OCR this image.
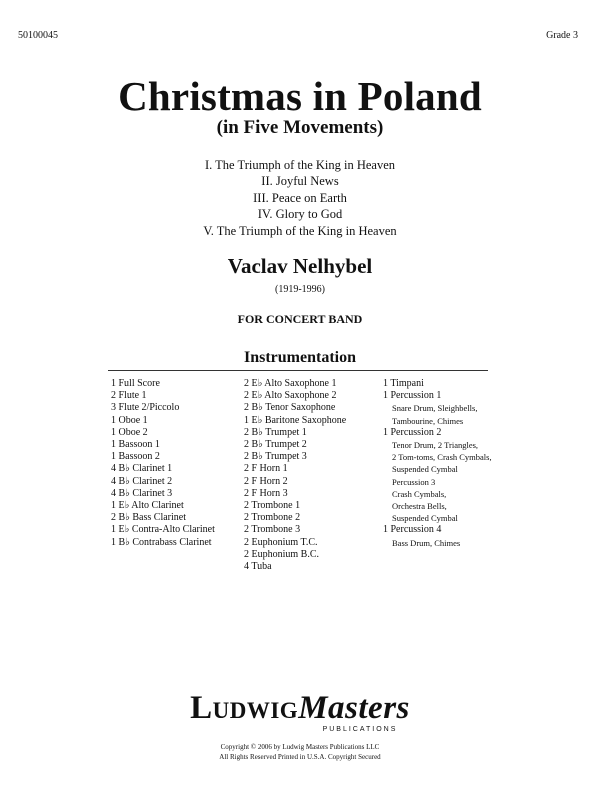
50100045	Grade 3
Christmas in Poland
(in Five Movements)
I. The Triumph of the King in Heaven
II. Joyful News
III. Peace on Earth
IV. Glory to God
V. The Triumph of the King in Heaven
Vaclav Nelhybel
(1919-1996)
FOR CONCERT BAND
Instrumentation
1 Full Score
2 Flute 1
3 Flute 2/Piccolo
1 Oboe 1
1 Oboe 2
1 Bassoon 1
1 Bassoon 2
4 B♭ Clarinet 1
4 B♭ Clarinet 2
4 B♭ Clarinet 3
1 E♭ Alto Clarinet
2 B♭ Bass Clarinet
1 E♭ Contra-Alto Clarinet
1 B♭ Contrabass Clarinet
2 E♭ Alto Saxophone 1
2 E♭ Alto Saxophone 2
2 B♭ Tenor Saxophone
1 E♭ Baritone Saxophone
2 B♭ Trumpet 1
2 B♭ Trumpet 2
2 B♭ Trumpet 3
2 F Horn 1
2 F Horn 2
2 F Horn 3
2 Trombone 1
2 Trombone 2
2 Trombone 3
2 Euphonium T.C.
2 Euphonium B.C.
4 Tuba
1 Timpani
1 Percussion 1
Snare Drum, Sleighbells,
Tambourine, Chimes
1 Percussion 2
Tenor Drum, 2 Triangles,
2 Tom-toms, Crash Cymbals,
Suspended Cymbal
Percussion 3
Crash Cymbals,
Orchestra Bells,
Suspended Cymbal
1 Percussion 4
Bass Drum, Chimes
LudwigMasters
PUBLICATIONS
Copyright © 2006 by Ludwig Masters Publications LLC
All Rights Reserved Printed in U.S.A. Copyright Secured
